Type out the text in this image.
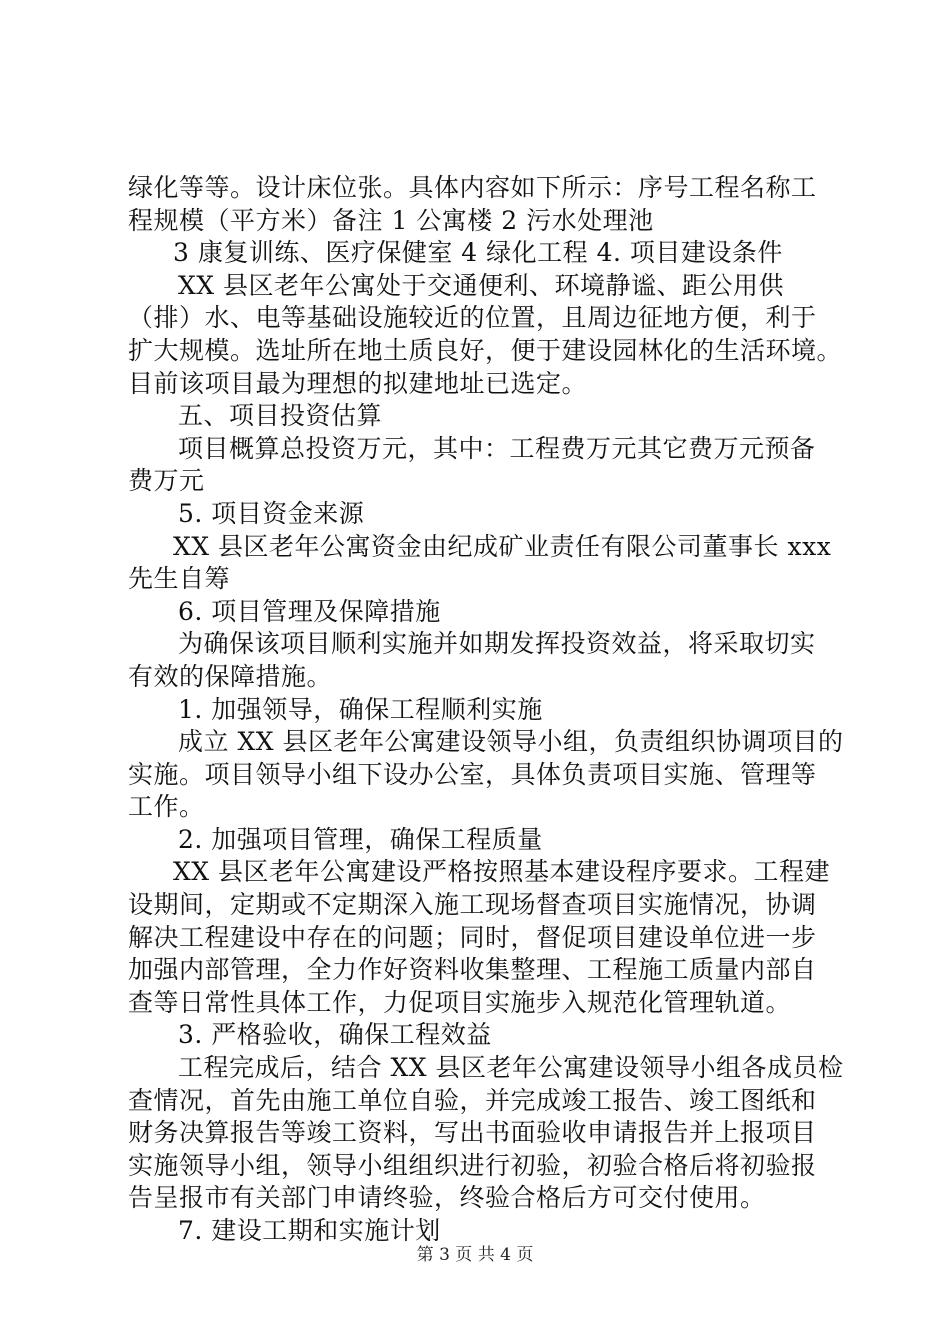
绿化等等。设计床位张。具体内容如下所示：序号工程名称工
程规模（平方米）备注 1 公寓楼 2 污水处理池
3 康复训练、医疗保健室 4 绿化工程 4. 项目建设条件
XX 县区老年公寓处于交通便利、环境静谧、距公用供
（排）水、电等基础设施较近的位置，且周边征地方便，利于
扩大规模。选址所在地土质良好，便于建设园林化的生活环境。
目前该项目最为理想的拟建地址已选定。
五、项目投资估算
项目概算总投资万元，其中：工程费万元其它费万元预备
费万元
5. 项目资金来源
XX 县区老年公寓资金由纪成矿业责任有限公司董事长 xxx
先生自筹
6. 项目管理及保障措施
为确保该项目顺利实施并如期发挥投资效益，将采取切实
有效的保障措施。
1. 加强领导，确保工程顺利实施
成立 XX 县区老年公寓建设领导小组，负责组织协调项目的
实施。项目领导小组下设办公室，具体负责项目实施、管理等
工作。
2. 加强项目管理，确保工程质量
XX 县区老年公寓建设严格按照基本建设程序要求。工程建
设期间，定期或不定期深入施工现场督查项目实施情况，协调
解决工程建设中存在的问题；同时，督促项目建设单位进一步
加强内部管理，全力作好资料收集整理、工程施工质量内部自
查等日常性具体工作，力促项目实施步入规范化管理轨道。
3. 严格验收，确保工程效益
工程完成后，结合 XX 县区老年公寓建设领导小组各成员检
查情况，首先由施工单位自验，并完成竣工报告、竣工图纸和
财务决算报告等竣工资料，写出书面验收申请报告并上报项目
实施领导小组，领导小组组织进行初验，初验合格后将初验报
告呈报市有关部门申请终验，终验合格后方可交付使用。
7. 建设工期和实施计划
第 3 页 共 4 页
